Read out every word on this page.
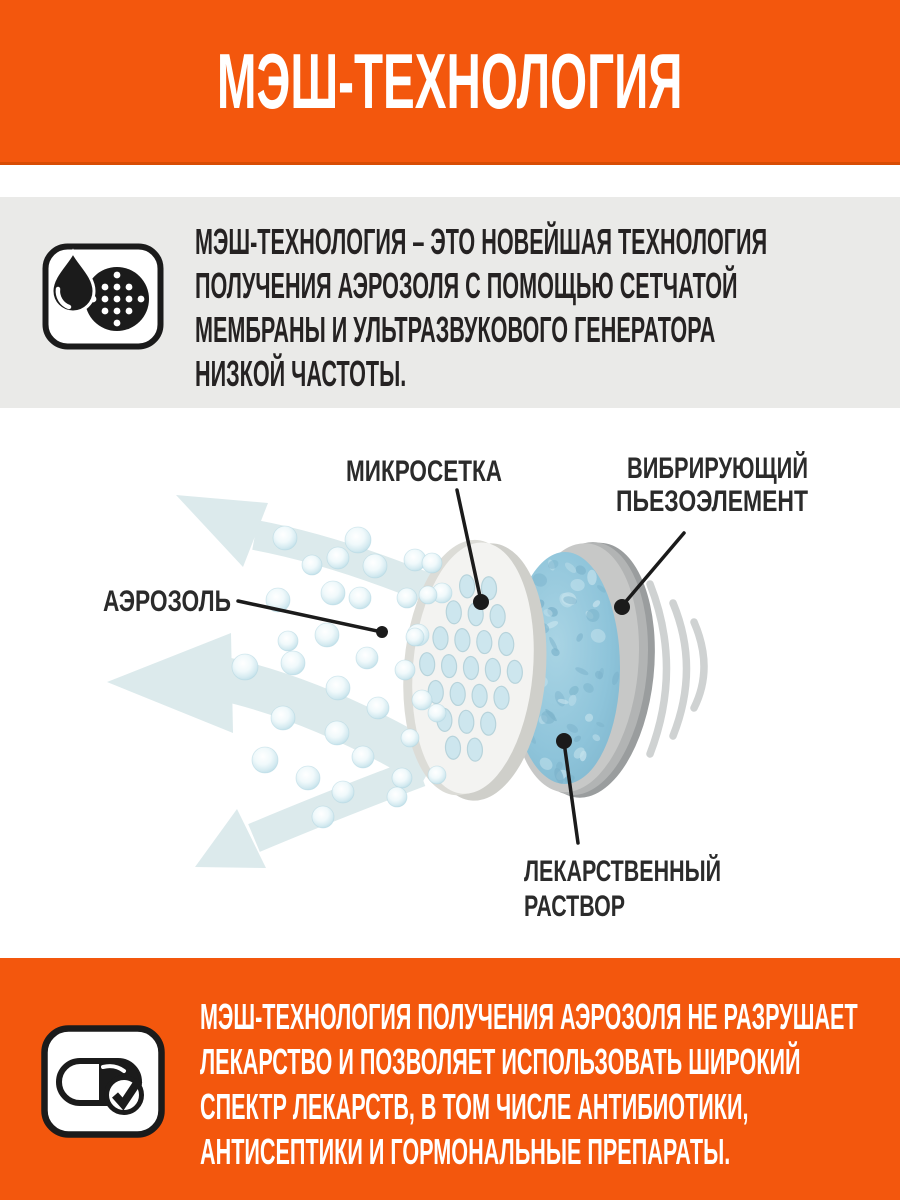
МЭШ-ТЕХНОЛОГИЯ
МЭШ-ТЕХНОЛОГИЯ – ЭТО НОВЕЙШАЯ ТЕХНОЛОГИЯ
ПОЛУЧЕНИЯ АЭРОЗОЛЯ С ПОМОЩЬЮ СЕТЧАТОЙ
МЕМБРАНЫ И УЛЬТРАЗВУКОВОГО ГЕНЕРАТОРА
НИЗКОЙ ЧАСТОТЫ.
АЭРОЗОЛЬ
МИКРОСЕТКА	ВИБРИРУЮЩИЙ
ПЬЕЗОЭЛЕМЕНТ
ЛЕКАРСТВЕННЫЙ
РАСТВОР
МЭШ-ТЕХНОЛОГИЯ ПОЛУЧЕНИЯ АЭРОЗОЛЯ НЕ РАЗРУШАЕТ
ЛЕКАРСТВО И ПОЗВОЛЯЕТ ИСПОЛЬЗОВАТЬ ШИРОКИЙ
СПЕКТР ЛЕКАРСТВ, В ТОМ ЧИСЛЕ АНТИБИОТИКИ,
АНТИСЕПТИКИ И ГОРМОНАЛЬНЫЕ ПРЕПАРАТЫ.
